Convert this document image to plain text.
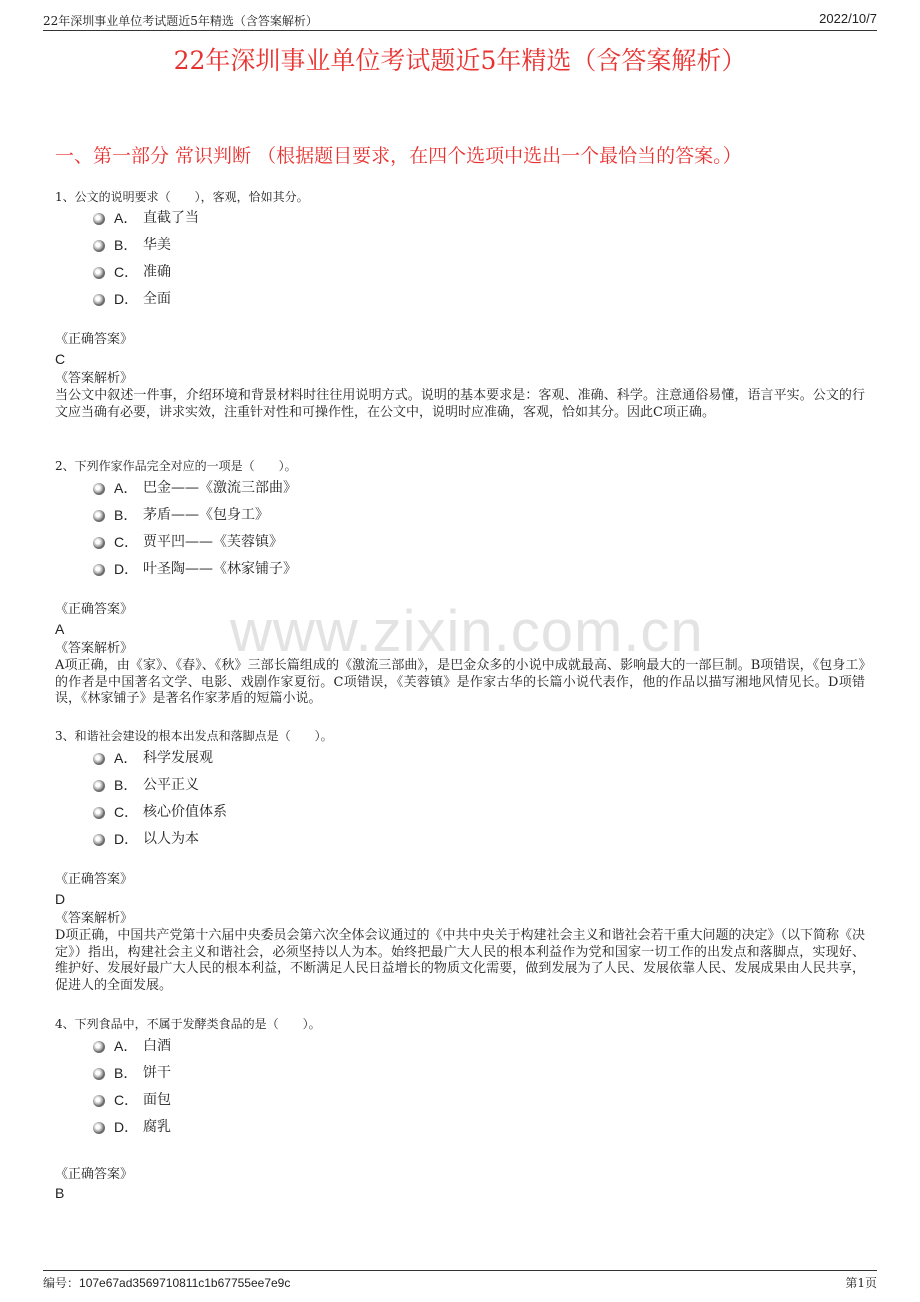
22年深圳事业单位考试题近5年精选（含答案解析）	2022/10/7
22年深圳事业单位考试题近5年精选（含答案解析）
一、第一部分 常识判断 （根据题目要求，在四个选项中选出一个最恰当的答案。）
www.zixin.com.cn
1、公文的说明要求（　　），客观，恰如其分。
A． 直截了当
B． 华美
C． 准确
D． 全面
《正确答案》
C
《答案解析》
当公文中叙述一件事，介绍环境和背景材料时往往用说明方式。说明的基本要求是：客观、准确、科学。注意通俗易懂，语言平实。公文的行文应当确有必要，讲求实效，注重针对性和可操作性，在公文中，说明时应准确，客观，恰如其分。因此C项正确。
2、下列作家作品完全对应的一项是（　　）。
A． 巴金——《激流三部曲》
B． 茅盾——《包身工》
C． 贾平凹——《芙蓉镇》
D． 叶圣陶——《林家铺子》
《正确答案》
A
《答案解析》
A项正确，由《家》、《春》、《秋》三部长篇组成的《激流三部曲》，是巴金众多的小说中成就最高、影响最大的一部巨制。B项错误，《包身工》的作者是中国著名文学、电影、戏剧作家夏衍。C项错误，《芙蓉镇》是作家古华的长篇小说代表作，他的作品以描写湘地风情见长。D项错误，《林家铺子》是著名作家茅盾的短篇小说。
3、和谐社会建设的根本出发点和落脚点是（　　）。
A． 科学发展观
B． 公平正义
C． 核心价值体系
D． 以人为本
《正确答案》
D
《答案解析》
D项正确，中国共产党第十六届中央委员会第六次全体会议通过的《中共中央关于构建社会主义和谐社会若干重大问题的决定》（以下简称《决定》）指出，构建社会主义和谐社会，必须坚持以人为本。始终把最广大人民的根本利益作为党和国家一切工作的出发点和落脚点，实现好、维护好、发展好最广大人民的根本利益，不断满足人民日益增长的物质文化需要，做到发展为了人民、发展依靠人民、发展成果由人民共享，促进人的全面发展。
4、下列食品中，不属于发酵类食品的是（　　）。
A． 白酒
B． 饼干
C． 面包
D． 腐乳
《正确答案》
B
编号：107e67ad3569710811c1b67755ee7e9c	第1页
